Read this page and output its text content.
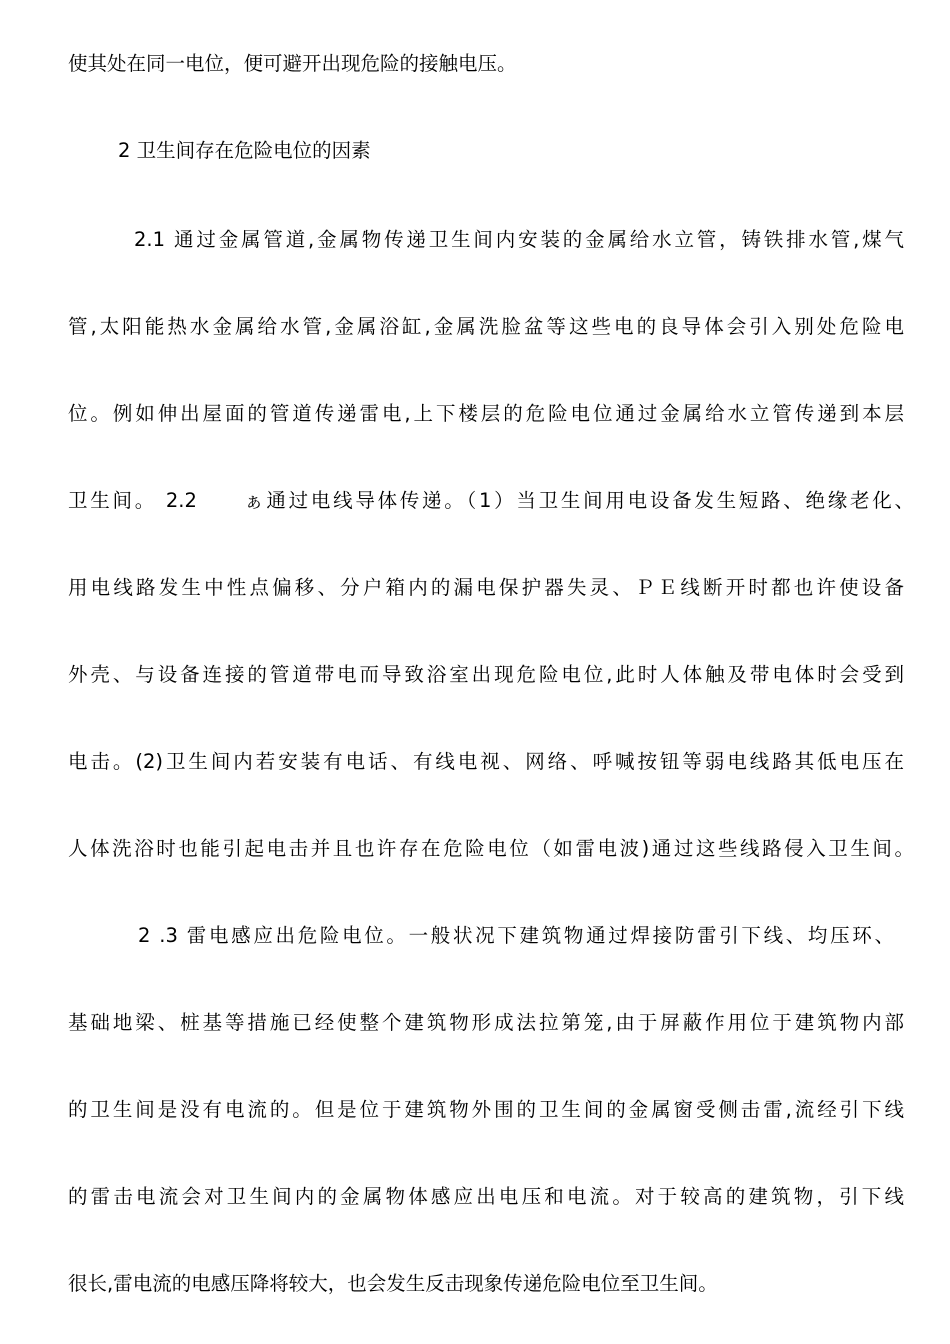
使其处在同一电位，便可避开出现危险的接触电压。
2 卫生间存在危险电位的因素
2.1 通过金属管道,金属物传递卫生间内安装的金属给水立管，铸铁排水管,煤气
管,太阳能热水金属给水管,金属浴缸,金属洗脸盆等这些电的良导体会引入别处危险电
位。例如伸出屋面的管道传递雷电,上下楼层的危险电位通过金属给水立管传递到本层
卫生间。 2.2　　ぁ通过电线导体传递。（1）当卫生间用电设备发生短路、绝缘老化、
用电线路发生中性点偏移、分户箱内的漏电保护器失灵、ＰＥ线断开时都也许使设备
外壳、与设备连接的管道带电而导致浴室出现危险电位,此时人体触及带电体时会受到
电击。(2)卫生间内若安装有电话、有线电视、网络、呼喊按钮等弱电线路其低电压在
人体洗浴时也能引起电击并且也许存在危险电位（如雷电波)通过这些线路侵入卫生间。
2 .3 雷电感应出危险电位。一般状况下建筑物通过焊接防雷引下线、均压环、
基础地梁、桩基等措施已经使整个建筑物形成法拉第笼,由于屏蔽作用位于建筑物内部
的卫生间是没有电流的。但是位于建筑物外围的卫生间的金属窗受侧击雷,流经引下线
的雷击电流会对卫生间内的金属物体感应出电压和电流。对于较高的建筑物，引下线
很长,雷电流的电感压降将较大，也会发生反击现象传递危险电位至卫生间。
